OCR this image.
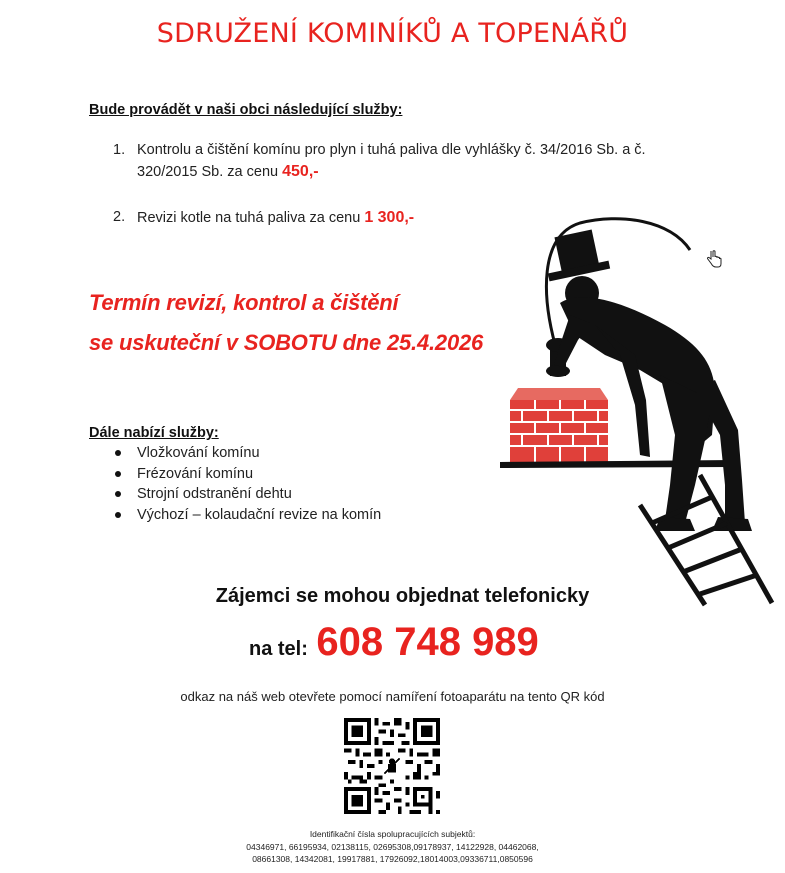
SDRUŽENÍ KOMINÍKŮ A TOPENÁŘŮ
Bude provádět v naši obci následující služby:
1. Kontrolu a čištění komínu pro plyn i tuhá paliva dle vyhlášky č. 34/2016 Sb. a č.
320/2015 Sb. za cenu 450,-
2. Revizi kotle na tuhá paliva za cenu 1 300,-
Termín revizí, kontrol a čištění
se uskuteční v SOBOTU dne 25.4.2026
Dále nabízí služby:
Vložkování komínu
Frézování komínu
Strojní odstranění dehtu
Výchozí – kolaudační revize na komín
Zájemci se mohou objednat telefonicky
na tel: 608 748 989
odkaz na náš web otevřete pomocí namíření fotoaparátu na tento QR kód
Identifikační čísla spolupracujících subjektů:
04346971, 66195934, 02138115, 02695308,09178937, 14122928, 04462068,
08661308, 14342081, 19917881, 17926092,18014003,09336711,0850596
